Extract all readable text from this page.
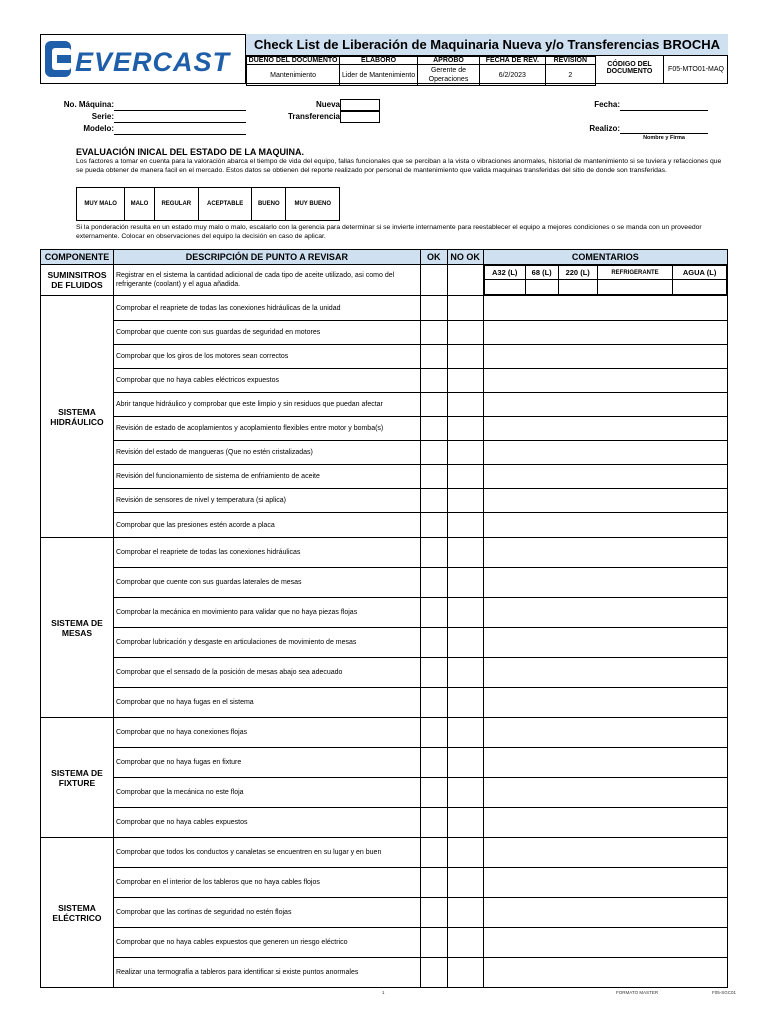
EVERCAST
Check List de Liberación de Maquinaria Nueva y/o Transferencias BROCHA
DUEÑO DEL DOCUMENTO	ELABORÓ	APROBÓ	FECHA DE REV.	REVISIÓN
Mantenimiento	Lider de Mantenimiento	Gerente de Operaciones	6/2/2023	2
CÓDIGO DEL DOCUMENTO	F05-MTO01-MAQ
No. Máquina:
Serie:
Modelo:
Nueva
Transferencia
Fecha:
Realizo:
Nombre y Firma
EVALUACIÓN INICAL DEL ESTADO DE LA MAQUINA.
Los factores a tomar en cuenta para la valoración abarca el tiempo de vida del equipo, fallas funcionales que se perciban a la vista o vibraciones anormales, historial de mantenimiento si se tuviera y refacciones que se pueda obtener de manera facil en el mercado. Estos datos se obtienen del reporte realizado por personal de mantenimiento que valida maquinas transferidas del sitio de donde son transferidas.
MUY MALO	MALO	REGULAR	ACEPTABLE	BUENO	MUY BUENO
Si la ponderación resulta en un estado muy malo o malo, escalarlo con la gerencia para determinar si se invierte internamente para reestablecer el equipo a mejores condiciones o se manda con un proveedor externamente. Colocar en observaciones del equipo la decisión en caso de aplicar.
COMPONENTE	DESCRIPCIÓN DE PUNTO A REVISAR	OK	NO OK	COMENTARIOS
SUMINSITROS DE FLUIDOS	Registrar en el sistema la cantidad adicional de cada tipo de aceite utilizado, asi como del refrigerante (coolant) y el agua añadida.			
A32 (L)	68 (L)	220 (L)	REFRIGERANTE	AGUA (L)

SISTEMA HIDRÁULICO	Comprobar el reapriete de todas las conexiones hidráulicas de la unidad			
Comprobar que cuente con sus guardas de seguridad en motores			
Comprobar que los giros de los motores sean correctos			
Comprobar que no haya cables eléctricos expuestos			
Abrir tanque hidráulico y comprobar que este limpio y sin residuos que puedan afectar			
Revisión de estado de acoplamientos y acoplamiento flexibles entre motor y bomba(s)			
Revisión del estado de mangueras (Que no estén cristalizadas)			
Revisión del funcionamiento de sistema de enfriamiento de aceite			
Revisión de sensores de nivel y temperatura (si aplica)			
Comprobar que las presiones estén acorde a placa			
SISTEMA DE MESAS	Comprobar el reapriete de todas las conexiones hidráulicas			
Comprobar que cuente con sus guardas laterales de mesas			
Comprobar la mecánica en movimiento para validar que no haya piezas flojas			
Comprobar lubricación y desgaste en articulaciones de movimiento de mesas			
Comprobar que el sensado de la posición de mesas abajo sea adecuado			
Comprobar que no haya fugas en el sistema			
SISTEMA DE FIXTURE	Comprobar que no haya conexiones flojas			
Comprobar que no haya fugas en fixture			
Comprobar que la mecánica no este floja			
Comprobar que no haya cables expuestos			
SISTEMA ELÉCTRICO	Comprobar que todos los conductos y canaletas se encuentren en su lugar y en buen			
Comprobar en el interior de los tableros que no haya cables flojos			
Comprobar que las cortinas de seguridad no estén flojas			
Comprobar que no haya cables expuestos que generen un riesgo eléctrico			
Realizar una termografía a tableros para identificar si existe puntos anormales			
1	FORMATO MASTER	F05-SGC01
